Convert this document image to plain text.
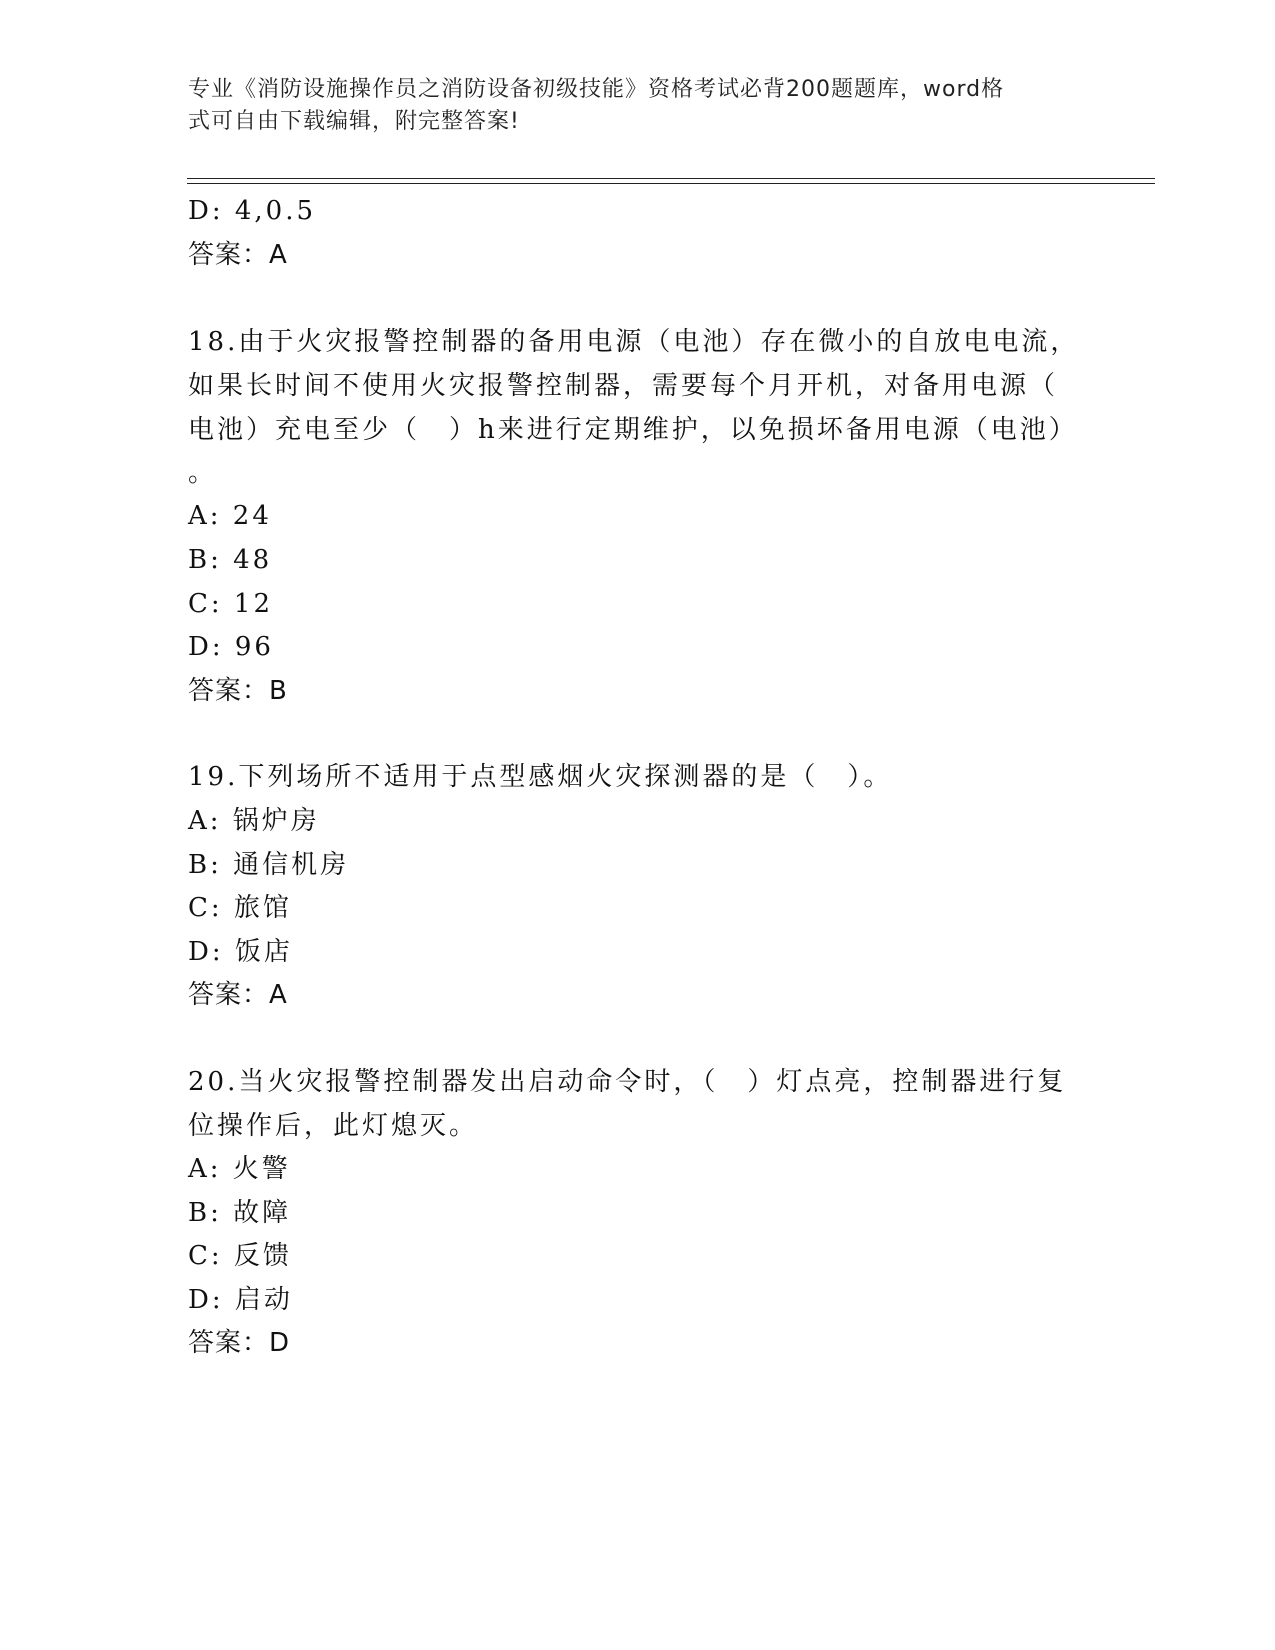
专业《消防设施操作员之消防设备初级技能》资格考试必背200题题库，word格
式可自由下载编辑，附完整答案!
D: 4,0.5
答案：A
18.由于火灾报警控制器的备用电源（电池）存在微小的自放电电流，
如果长时间不使用火灾报警控制器，需要每个月开机，对备用电源（
电池）充电至少（　）h来进行定期维护，以免损坏备用电源（电池）
。
A: 24
B: 48
C: 12
D: 96
答案：B
19.下列场所不适用于点型感烟火灾探测器的是（　）。
A: 锅炉房
B: 通信机房
C: 旅馆
D: 饭店
答案：A
20.当火灾报警控制器发出启动命令时，（　）灯点亮，控制器进行复
位操作后，此灯熄灭。
A: 火警
B: 故障
C: 反馈
D: 启动
答案：D
